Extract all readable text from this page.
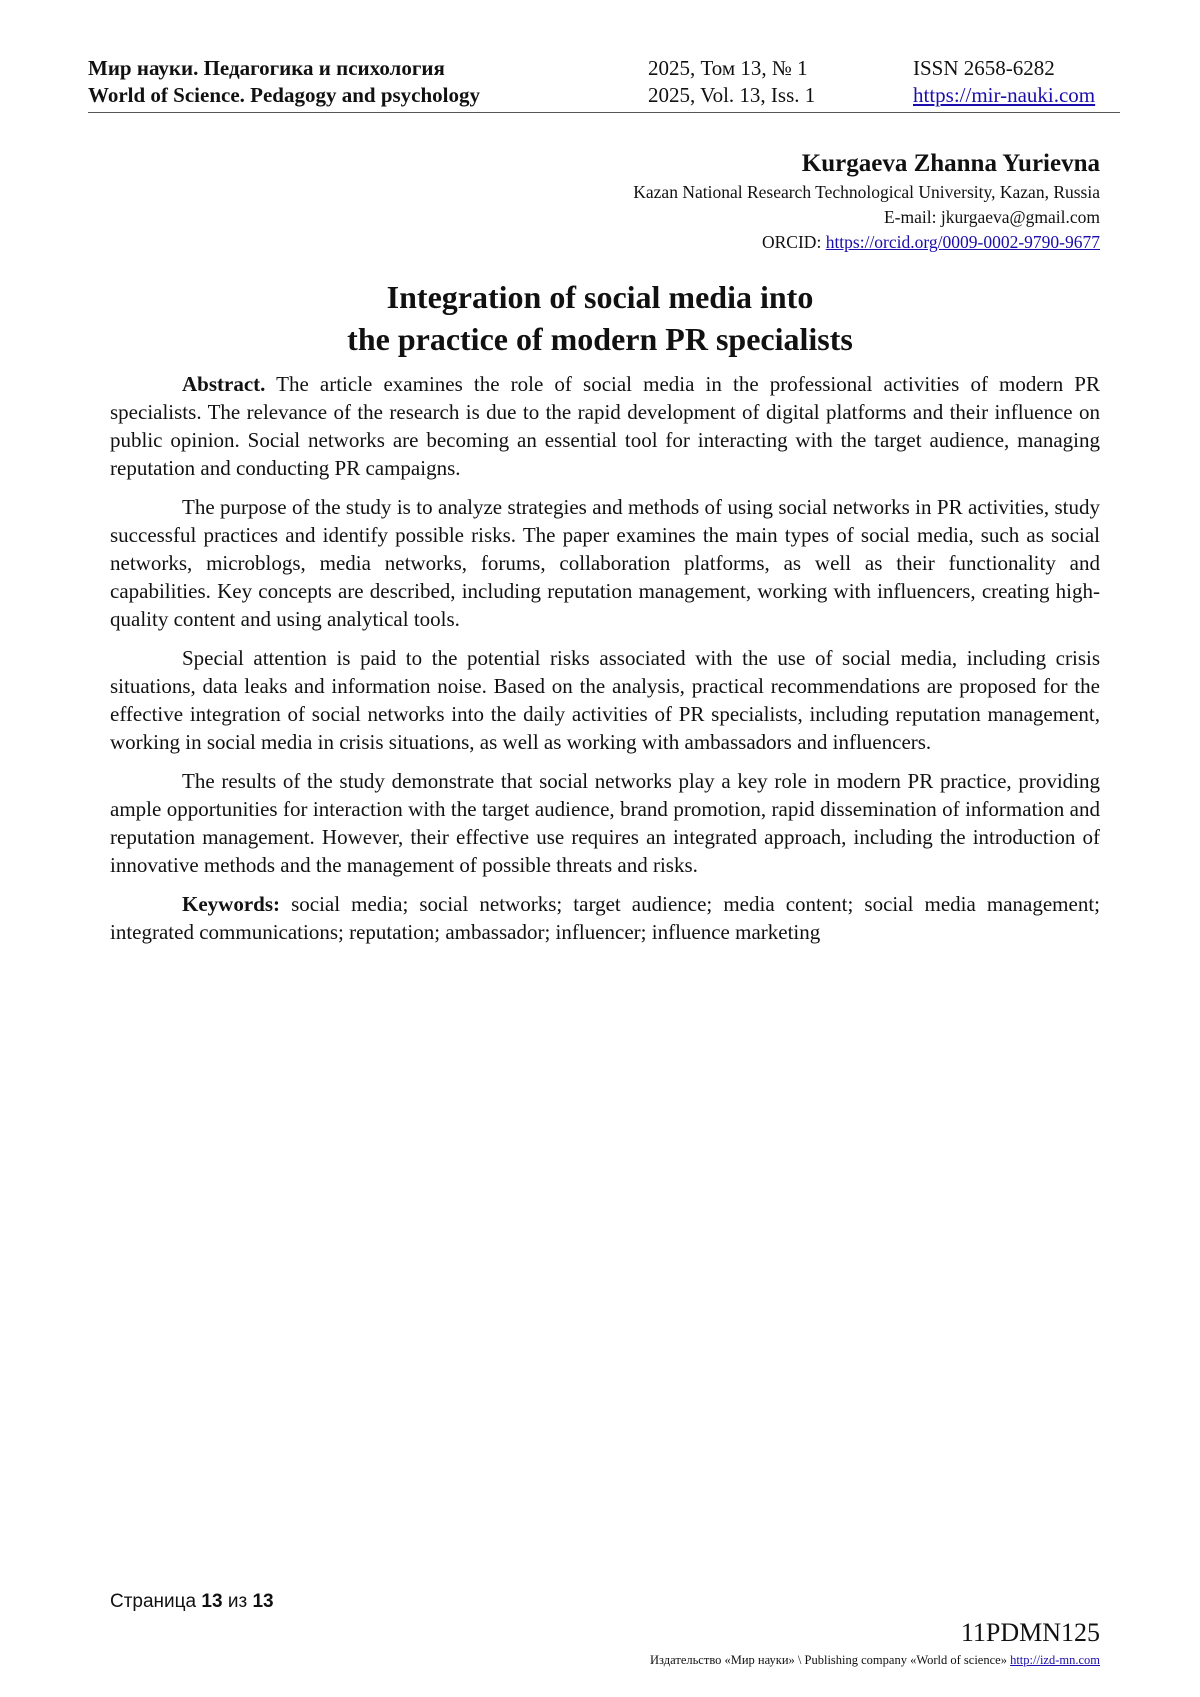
Мир науки. Педагогика и психология	2025, Том 13, № 1	ISSN 2658-6282
World of Science. Pedagogy and psychology	2025, Vol. 13, Iss. 1	https://mir-nauki.com
Kurgaeva Zhanna Yurievna
Kazan National Research Technological University, Kazan, Russia
E-mail: jkurgaeva@gmail.com
ORCID: https://orcid.org/0009-0002-9790-9677
Integration of social media into
the practice of modern PR specialists

Abstract. The article examines the role of social media in the professional activities of modern PR specialists. The relevance of the research is due to the rapid development of digital platforms and their influence on public opinion. Social networks are becoming an essential tool for interacting with the target audience, managing reputation and conducting PR campaigns.

The purpose of the study is to analyze strategies and methods of using social networks in PR activities, study successful practices and identify possible risks. The paper examines the main types of social media, such as social networks, microblogs, media networks, forums, collaboration platforms, as well as their functionality and capabilities. Key concepts are described, including reputation management, working with influencers, creating high-quality content and using analytical tools.

Special attention is paid to the potential risks associated with the use of social media, including crisis situations, data leaks and information noise. Based on the analysis, practical recommendations are proposed for the effective integration of social networks into the daily activities of PR specialists, including reputation management, working in social media in crisis situations, as well as working with ambassadors and influencers.

The results of the study demonstrate that social networks play a key role in modern PR practice, providing ample opportunities for interaction with the target audience, brand promotion, rapid dissemination of information and reputation management. However, their effective use requires an integrated approach, including the introduction of innovative methods and the management of possible threats and risks.

Keywords: social media; social networks; target audience; media content; social media management; integrated communications; reputation; ambassador; influencer; influence marketing

Страница 13 из 13
11PDMN125
Издательство «Мир науки» \ Publishing company «World of science» http://izd-mn.com
